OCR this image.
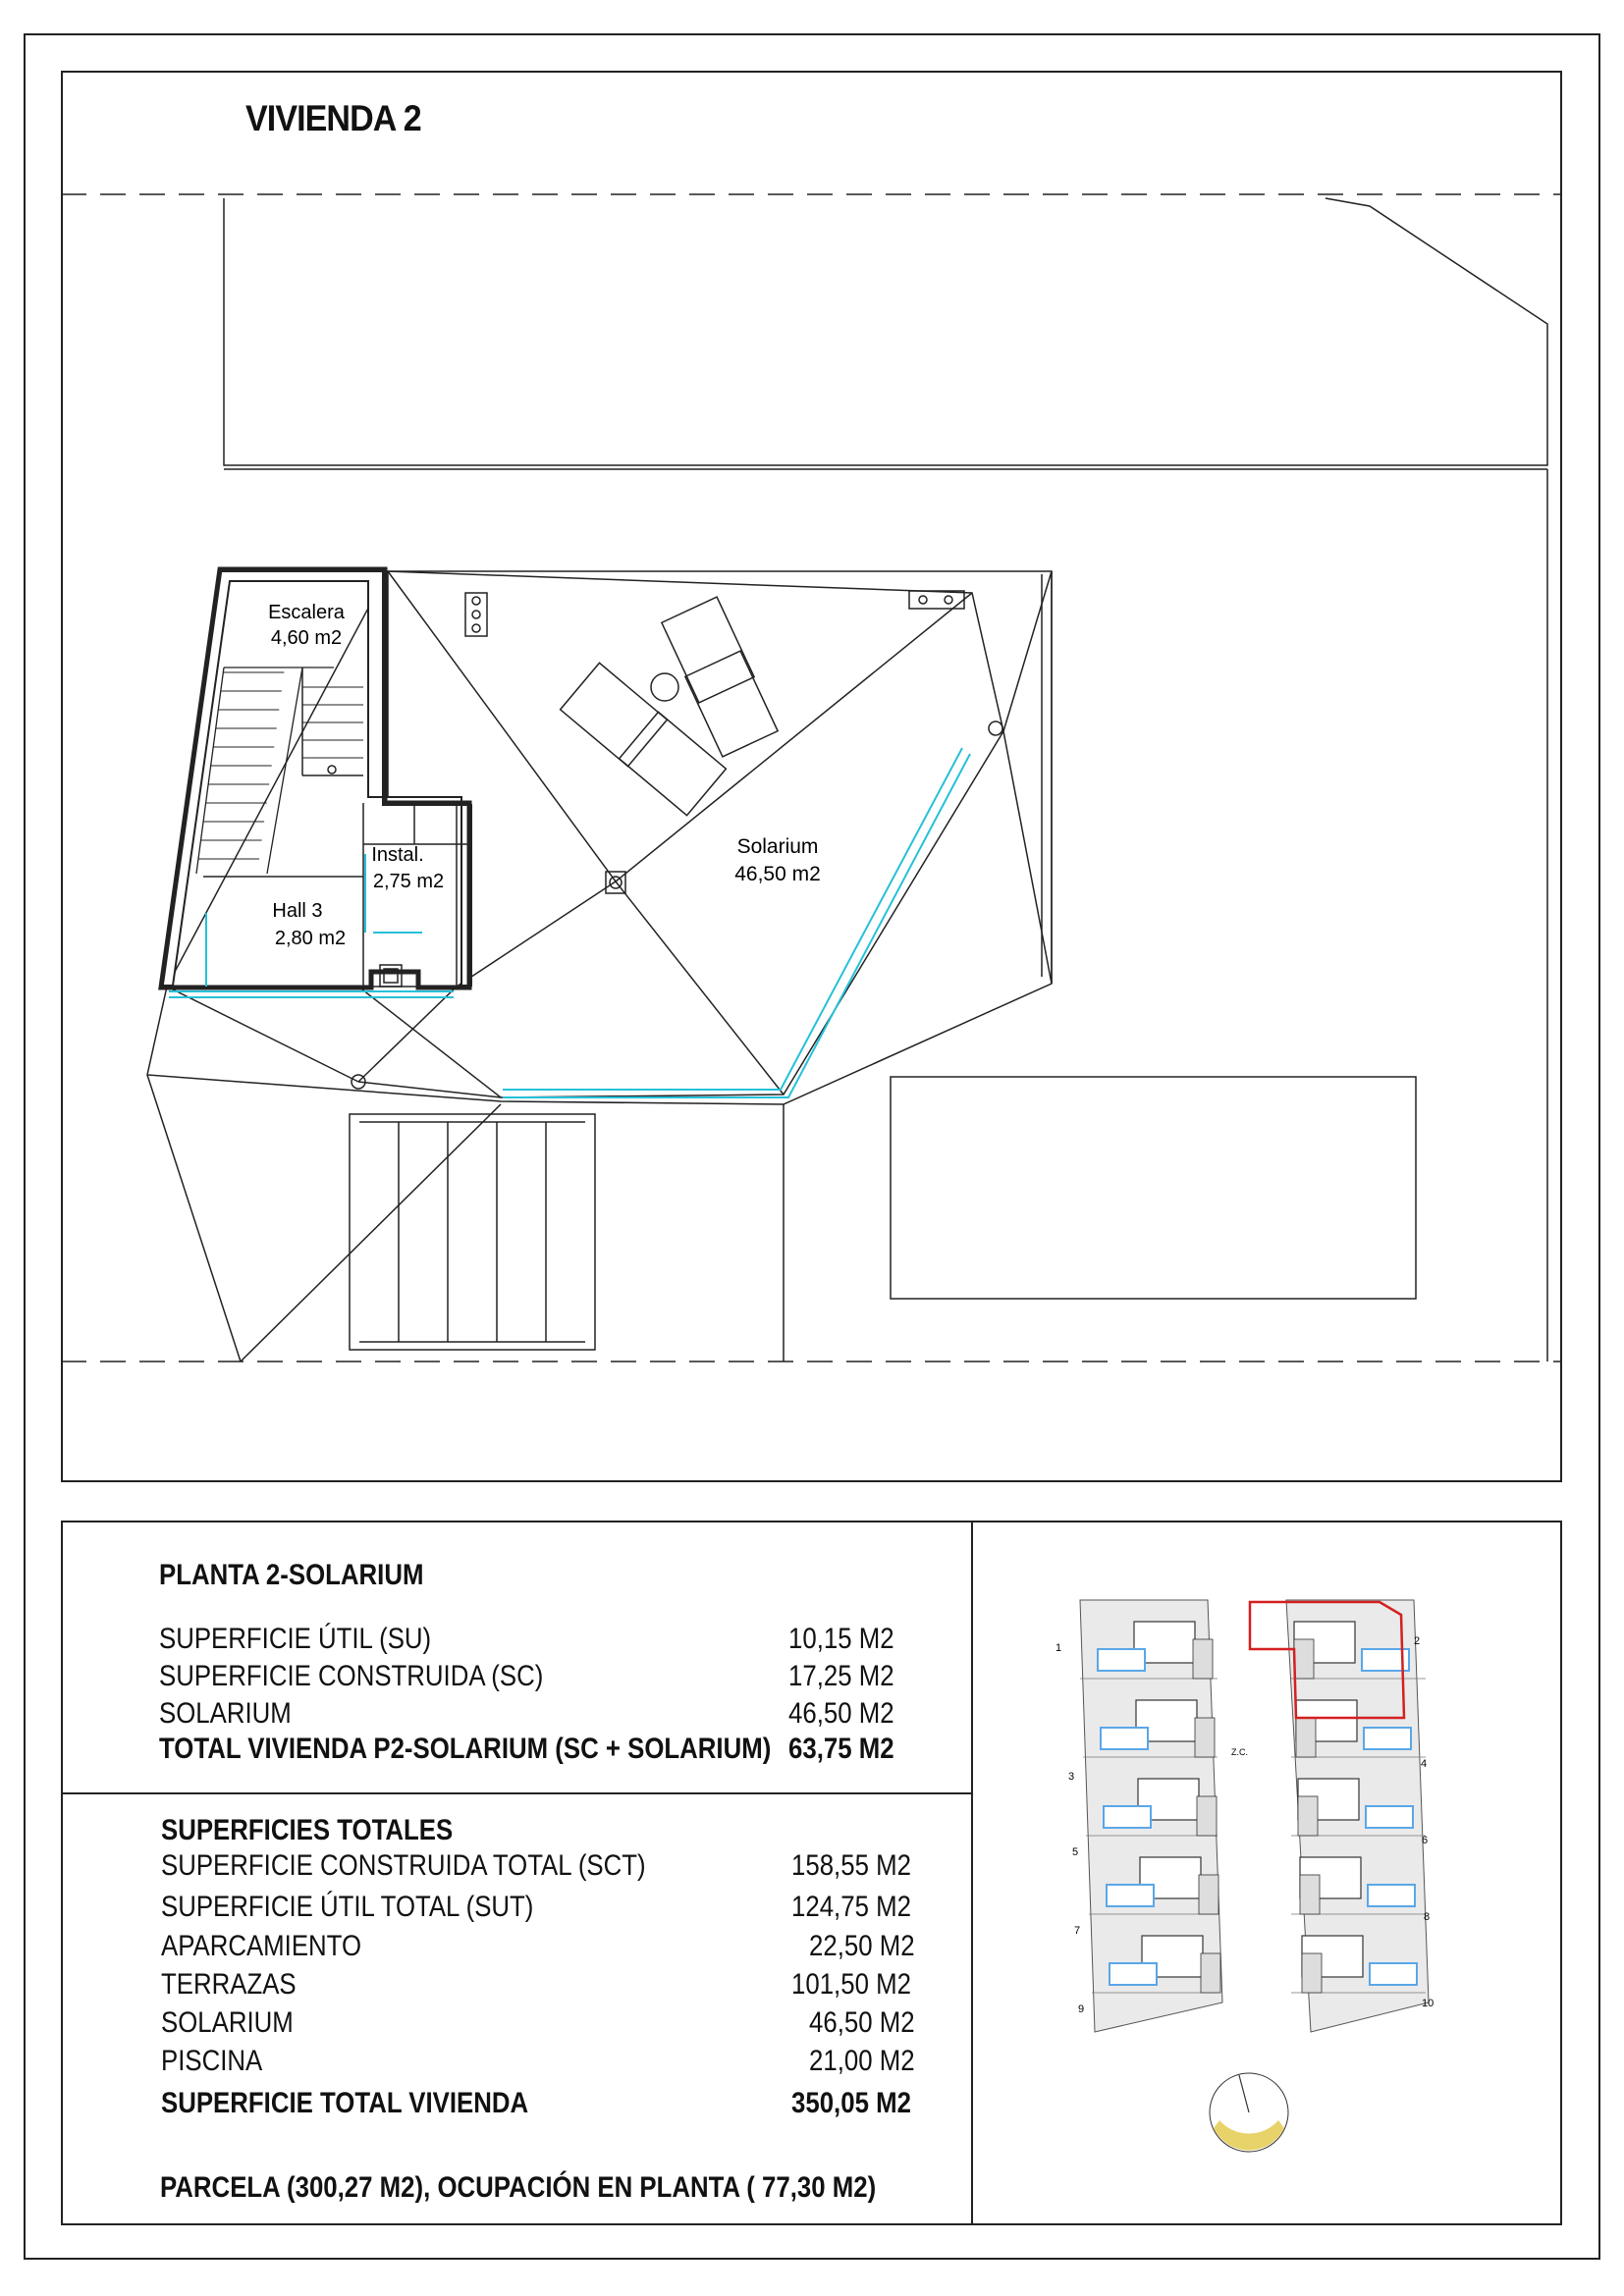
VIVIENDA 2
Escalera
4,60 m2
Instal.
2,75 m2
Hall 3
2,80 m2
Solarium
46,50 m2
PLANTA 2-SOLARIUM
SUPERFICIE ÚTIL (SU)	10,15 M2
SUPERFICIE CONSTRUIDA (SC)	17,25 M2
SOLARIUM	46,50 M2
TOTAL VIVIENDA P2-SOLARIUM (SC + SOLARIUM) 63,75 M2
SUPERFICIES TOTALES
SUPERFICIE CONSTRUIDA TOTAL (SCT)	158,55 M2
SUPERFICIE ÚTIL TOTAL (SUT)	124,75 M2
APARCAMIENTO	22,50 M2
TERRAZAS	101,50 M2
SOLARIUM	46,50 M2
PISCINA	21,00 M2
SUPERFICIE TOTAL VIVIENDA	350,05 M2
PARCELA (300,27 M2), OCUPACIÓN EN PLANTA ( 77,30 M2)
1
3
5
7
9
2
4
6
8
10
Z.C.
